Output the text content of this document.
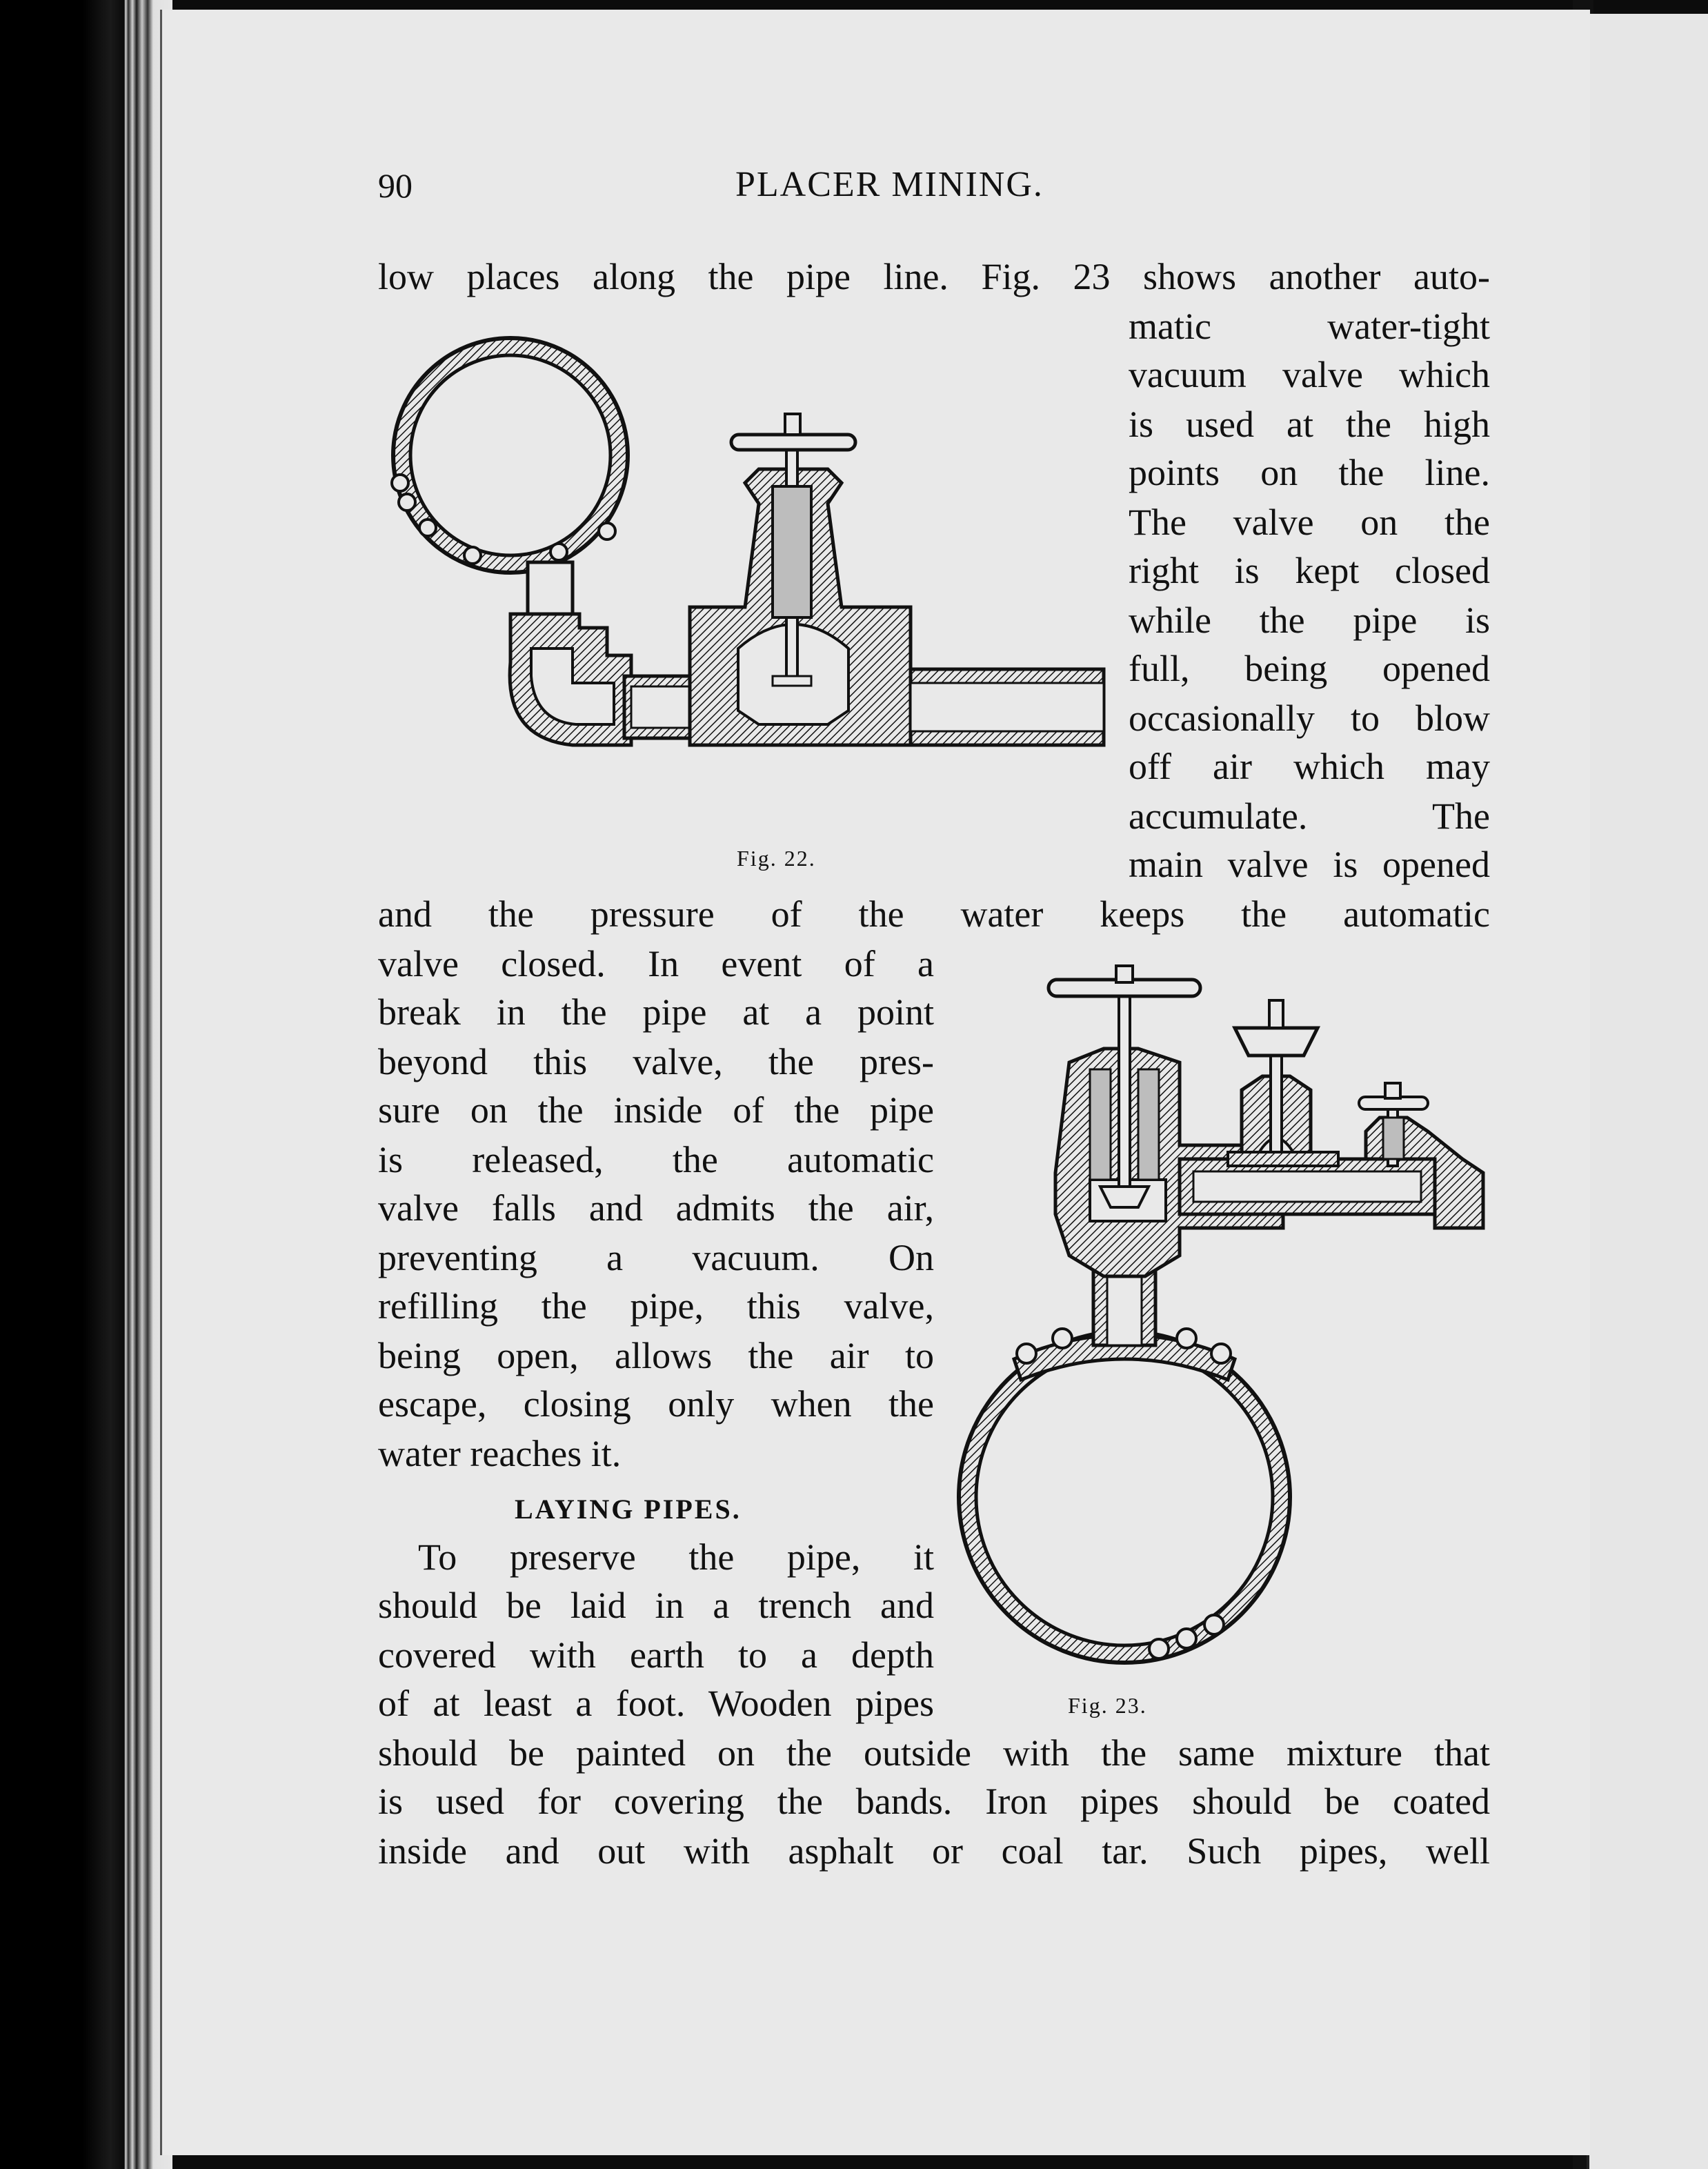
90	PLACER MINING.
low places along the pipe line. Fig. 23 shows another auto-
matic water-tight
vacuum valve which
is used at the high
points on the line.
The valve on the
right is kept closed
while the pipe is
full, being opened
occasionally to blow
off air which may
accumulate. The
main valve is opened
Fig. 22.
and the pressure of the water keeps the automatic
valve closed. In event of a
break in the pipe at a point
beyond this valve, the pres-
sure on the inside of the pipe
is released, the automatic
valve falls and admits the air,
preventing a vacuum. On
refilling the pipe, this valve,
being open, allows the air to
escape, closing only when the
water reaches it.
LAYING PIPES.
To preserve the pipe, it
should be laid in a trench and
covered with earth to a depth
of at least a foot. Wooden pipes	Fig. 23.
should be painted on the outside with the same mixture that
is used for covering the bands. Iron pipes should be coated
inside and out with asphalt or coal tar. Such pipes, well
